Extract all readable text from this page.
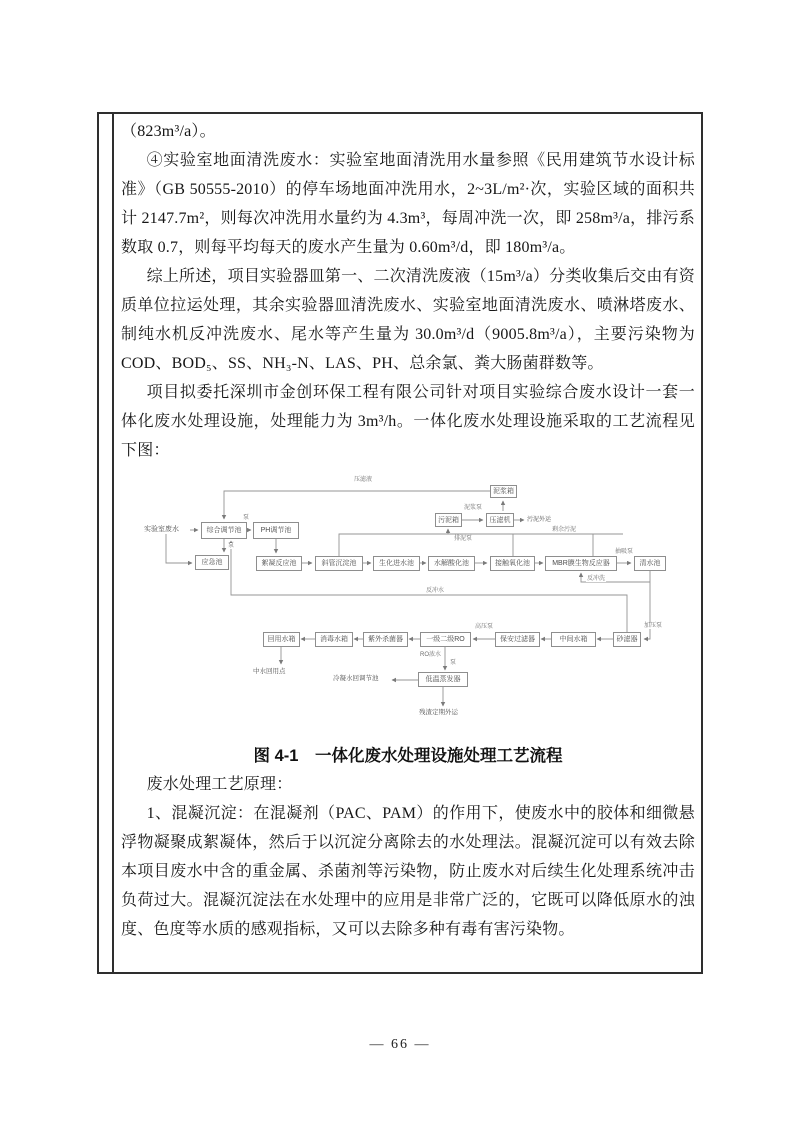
（823m³/a）。

④实验室地面清洗废水：实验室地面清洗用水量参照《民用建筑节水设计标准》（GB 50555-2010）的停车场地面冲洗用水，2~3L/m²·次，实验区域的面积共计 2147.7m²，则每次冲洗用水量约为 4.3m³，每周冲洗一次，即 258m³/a，排污系数取 0.7，则每平均每天的废水产生量为 0.60m³/d，即 180m³/a。

综上所述，项目实验器皿第一、二次清洗废液（15m³/a）分类收集后交由有资质单位拉运处理，其余实验器皿清洗废水、实验室地面清洗废水、喷淋塔废水、制纯水机反冲洗废水、尾水等产生量为 30.0m³/d（9005.8m³/a），主要污染物为 COD、BOD₅、SS、NH₃-N、LAS、PH、总余氯、粪大肠菌群数等。

项目拟委托深圳市金创环保工程有限公司针对项目实验综合废水设计一套一体化废水处理设施，处理能力为 3m³/h。一体化废水处理设施采取的工艺流程见下图：

实验室废水	综合调节池	PH调节池
应急池	絮凝反应池	斜管沉淀池	生化进水池	水解酸化池	接触氧化池	MBR膜生物反应器	清水池
污泥箱	压滤机
泥浆箱
污泥外运
砂滤器
中间水箱
保安过滤器
一级二级RO
紫外杀菌器
消毒水箱
回用水箱
低温蒸发器
中水回用点
冷凝水回调节池
残渣定期外运
泵
泵
压滤液
泥浆泵
排泥泵
剩余污泥
抽吸泵
反冲洗
反冲水
加压泵
高压泵
RO浓水
泵

图 4-1　一体化废水处理设施处理工艺流程

废水处理工艺原理：

1、混凝沉淀：在混凝剂（PAC、PAM）的作用下，使废水中的胶体和细微悬浮物凝聚成絮凝体，然后于以沉淀分离除去的水处理法。混凝沉淀可以有效去除本项目废水中含的重金属、杀菌剂等污染物，防止废水对后续生化处理系统冲击负荷过大。混凝沉淀法在水处理中的应用是非常广泛的，它既可以降低原水的浊度、色度等水质的感观指标，又可以去除多种有毒有害污染物。

— 66 —
